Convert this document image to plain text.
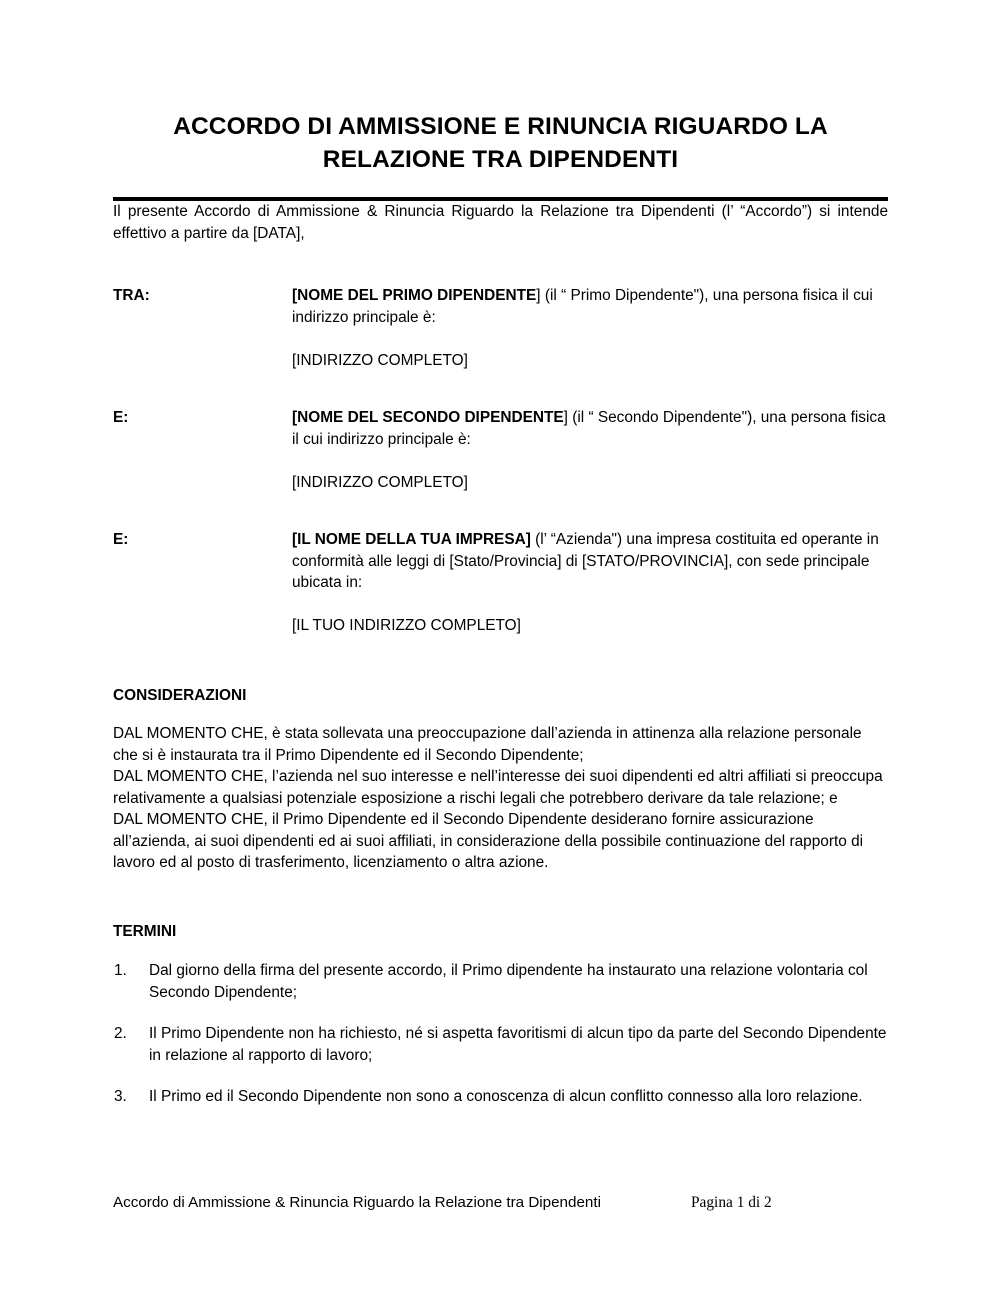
ACCORDO DI AMMISSIONE E RINUNCIA RIGUARDO LA RELAZIONE TRA DIPENDENTI

Il presente Accordo di Ammissione & Rinuncia Riguardo la Relazione tra Dipendenti (l’ “Accordo”) si intende effettivo a partire da [DATA],

TRA:	[NOME DEL PRIMO DIPENDENTE] (il “ Primo Dipendente"), una persona fisica il cui indirizzo principale è:

[INDIRIZZO COMPLETO]

E:	[NOME DEL SECONDO DIPENDENTE] (il “ Secondo Dipendente"), una persona fisica il cui indirizzo principale è:

[INDIRIZZO COMPLETO]

E:	[IL NOME DELLA TUA IMPRESA] (l’ “Azienda") una impresa costituita ed operante in conformità alle leggi di [Stato/Provincia] di [STATO/PROVINCIA], con sede principale ubicata in:

[IL TUO INDIRIZZO COMPLETO]

CONSIDERAZIONI

DAL MOMENTO CHE, è stata sollevata una preoccupazione dall’azienda in attinenza alla relazione personale che si è instaurata tra il Primo Dipendente ed il Secondo Dipendente;

DAL MOMENTO CHE, l’azienda nel suo interesse e nell’interesse dei suoi dipendenti ed altri affiliati si preoccupa relativamente a qualsiasi potenziale esposizione a rischi legali che potrebbero derivare da tale relazione; e

DAL MOMENTO CHE, il Primo Dipendente ed il Secondo Dipendente desiderano fornire assicurazione all’azienda, ai suoi dipendenti ed ai suoi affiliati, in considerazione della possibile continuazione del rapporto di lavoro ed al posto di trasferimento, licenziamento o altra azione.

TERMINI
1. Dal giorno della firma del presente accordo, il Primo dipendente ha instaurato una relazione volontaria col Secondo Dipendente;
2. Il Primo Dipendente non ha richiesto, né si aspetta favoritismi di alcun tipo da parte del Secondo Dipendente in relazione al rapporto di lavoro;
3. Il Primo ed il Secondo Dipendente non sono a conoscenza di alcun conflitto connesso alla loro relazione.
Accordo di Ammissione & Rinuncia Riguardo la Relazione tra Dipendenti	Pagina 1 di 2
